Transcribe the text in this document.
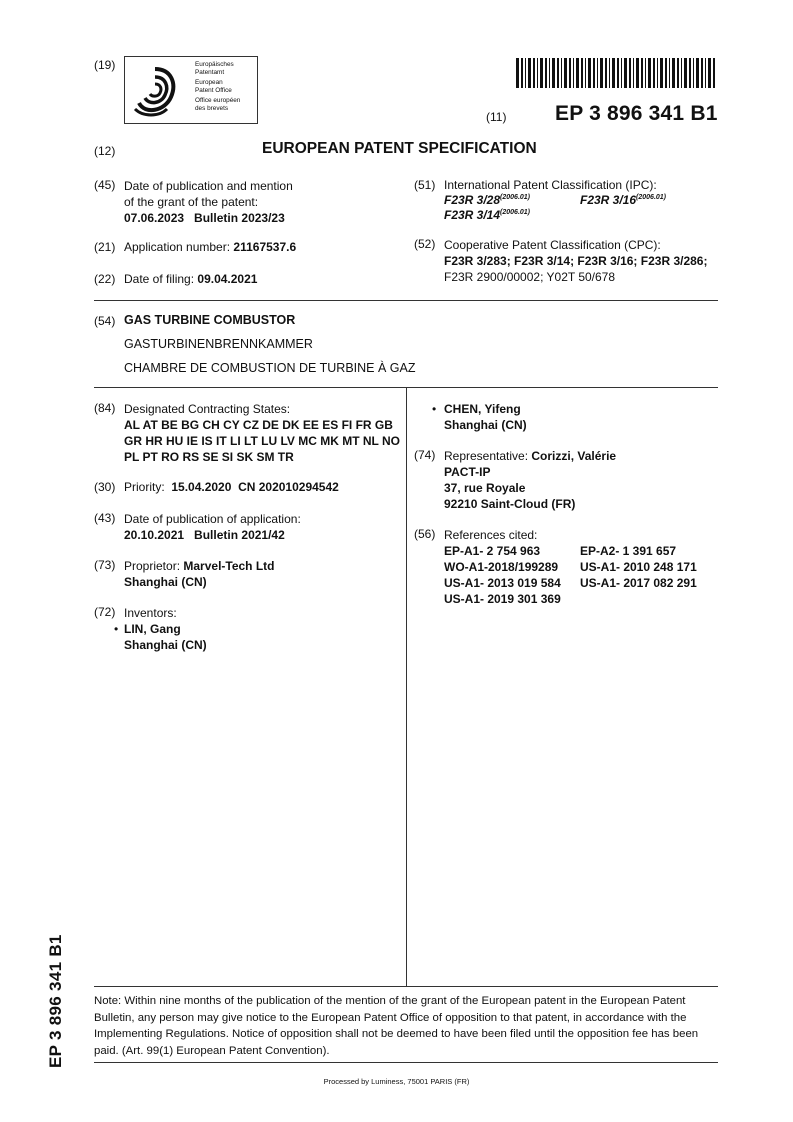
(19)	Europäisches
Patentamt
European
Patent Office
Office européen
des brevets
(11) EP 3 896 341 B1
(12)	EUROPEAN PATENT SPECIFICATION
(45) Date of publication and mention
of the grant of the patent:
07.06.2023   Bulletin 2023/23
(21) Application number: 21167537.6
(22) Date of filing: 09.04.2021
(51) International Patent Classification (IPC):
F23R $3/28^{(2006.01)}$	F23R $3/16^{(2006.01)}$
F23R $3/14^{(2006.01)}$
(52) Cooperative Patent Classification (CPC):
F23R 3/283; F23R 3/14; F23R 3/16; F23R 3/286;
F23R 2900/00002; Y02T 50/678
(54) GAS TURBINE COMBUSTOR
GASTURBINENBRENNKAMMER
CHAMBRE DE COMBUSTION DE TURBINE À GAZ
(84) Designated Contracting States:
AL AT BE BG CH CY CZ DE DK EE ES FI FR GB
GR HR HU IE IS IT LI LT LU LV MC MK MT NL NO
PL PT RO RS SE SI SK SM TR
(30) Priority: 15.04.2020  CN 202010294542
(43) Date of publication of application:
20.10.2021   Bulletin 2021/42
(73) Proprietor: Marvel-Tech Ltd
Shanghai (CN)
(72) Inventors:
• LIN, Gang
Shanghai (CN)
• CHEN, Yifeng
Shanghai (CN)
(74) Representative: Corizzi, Valérie
PACT-IP
37, rue Royale
92210 Saint-Cloud (FR)
(56) References cited:
EP-A1- 2 754 963	EP-A2- 1 391 657
WO-A1-2018/199289	US-A1- 2010 248 171
US-A1- 2013 019 584	US-A1- 2017 082 291
US-A1- 2019 301 369
Note: Within nine months of the publication of the mention of the grant of the European patent in the European Patent Bulletin, any person may give notice to the European Patent Office of opposition to that patent, in accordance with the Implementing Regulations. Notice of opposition shall not be deemed to have been filed until the opposition fee has been paid. (Art. 99(1) European Patent Convention).
Processed by Luminess, 75001 PARIS (FR)
EP 3 896 341 B1
